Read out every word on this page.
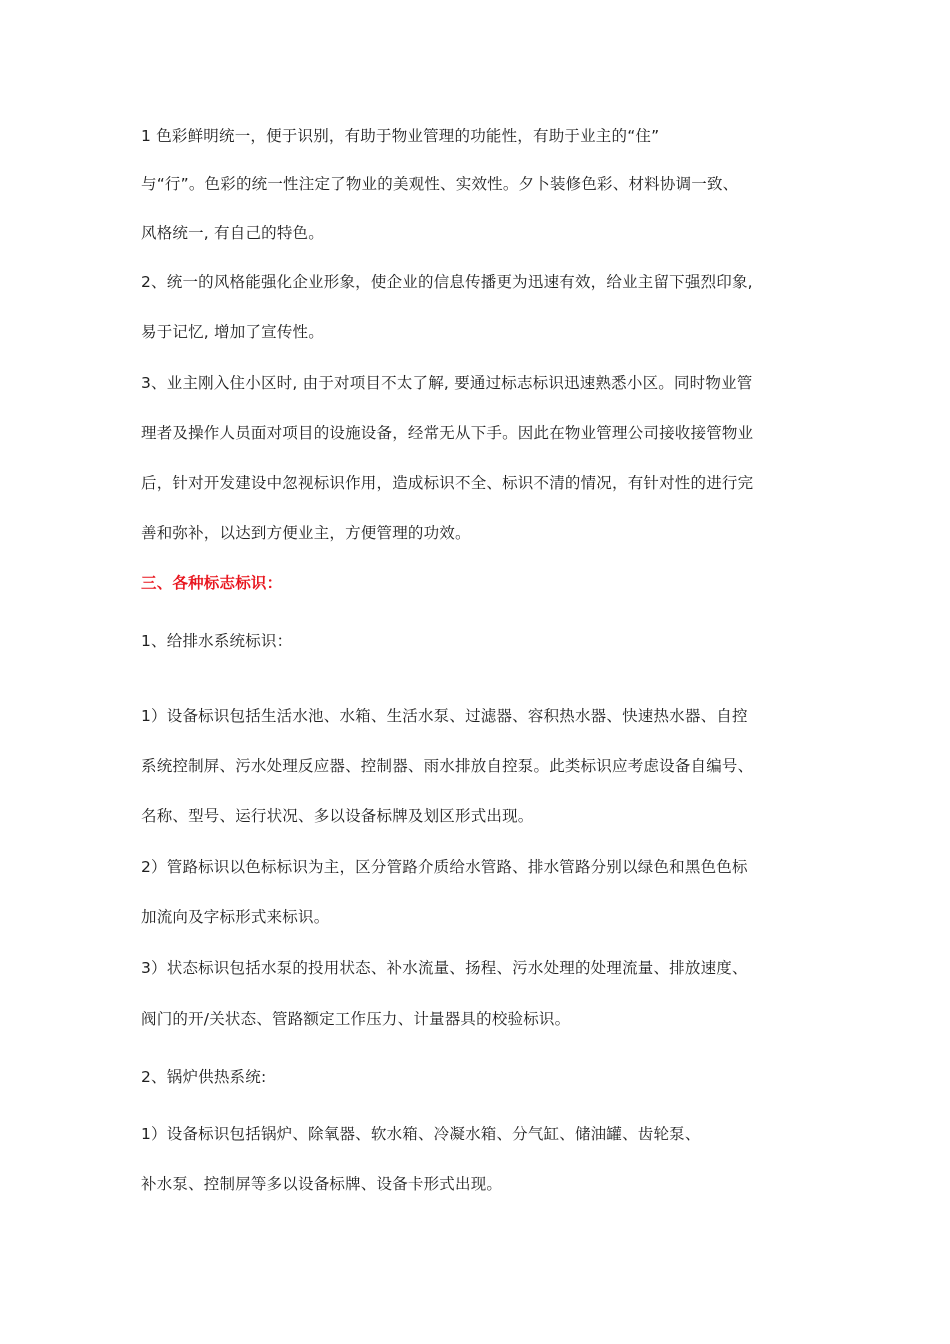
1 色彩鲜明统一，便于识别，有助于物业管理的功能性，有助于业主的“住”
与“行”。色彩的统一性注定了物业的美观性、实效性。夕卜装修色彩、材料协调一致、
风格统一, 有自己的特色。
2、统一的风格能强化企业形象，使企业的信息传播更为迅速有效，给业主留下强烈印象,
易于记忆, 增加了宣传性。
3、业主刚入住小区时, 由于对项目不太了解, 要通过标志标识迅速熟悉小区。同时物业管
理者及操作人员面对项目的设施设备，经常无从下手。因此在物业管理公司接收接管物业
后，针对开发建设中忽视标识作用，造成标识不全、标识不清的情况，有针对性的进行完
善和弥补，以达到方便业主，方便管理的功效。
三、各种标志标识：
1、给排水系统标识：
1）设备标识包括生活水池、水箱、生活水泵、过滤器、容积热水器、快速热水器、自控
系统控制屏、污水处理反应器、控制器、雨水排放自控泵。此类标识应考虑设备自编号、
名称、型号、运行状况、多以设备标牌及划区形式出现。
2）管路标识以色标标识为主，区分管路介质给水管路、排水管路分别以绿色和黑色色标
加流向及字标形式来标识。
3）状态标识包括水泵的投用状态、补水流量、扬程、污水处理的处理流量、排放速度、
阀门的开/关状态、管路额定工作压力、计量器具的校验标识。
2、锅炉供热系统:
1）设备标识包括锅炉、除氧器、软水箱、冷凝水箱、分气缸、储油罐、齿轮泵、
补水泵、控制屏等多以设备标牌、设备卡形式出现。
